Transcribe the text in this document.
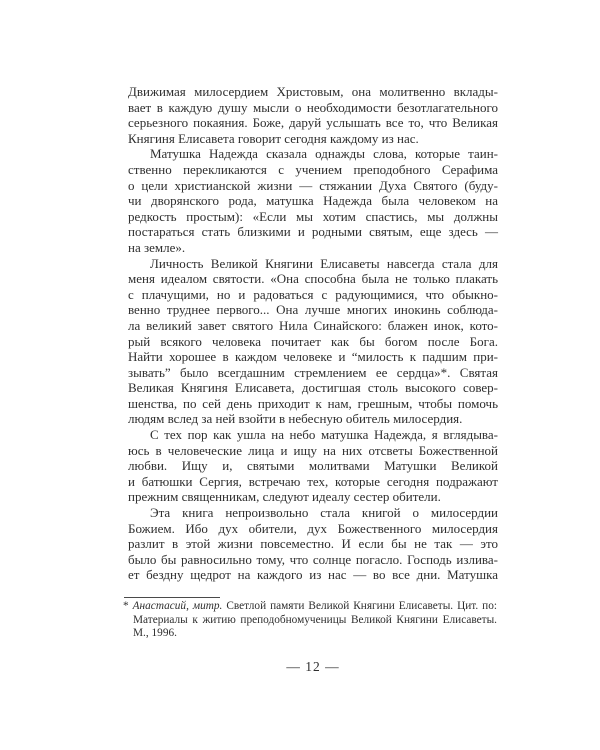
Движимая милосердием Христовым, она молитвенно вклады-
вает в каждую душу мысли о необходимости безотлагательного
серьезного покаяния. Боже, даруй услышать все то, что Великая
Княгиня Елисавета говорит сегодня каждому из нас.
Матушка Надежда сказала однажды слова, которые таин-
ственно перекликаются с учением преподобного Серафима
о цели христианской жизни — стяжании Духа Святого (буду-
чи дворянского рода, матушка Надежда была человеком на
редкость простым): «Если мы хотим спастись, мы должны
постараться стать близкими и родными святым, еще здесь —
на земле».
Личность Великой Княгини Елисаветы навсегда стала для
меня идеалом святости. «Она способна была не только плакать
с плачущими, но и радоваться с радующимися, что обыкно-
венно труднее первого... Она лучше многих инокинь соблюда-
ла великий завет святого Нила Синайского: блажен инок, кото-
рый всякого человека почитает как бы богом после Бога.
Найти хорошее в каждом человеке и “милость к падшим при-
зывать” было всегдашним стремлением ее сердца»*. Святая
Великая Княгиня Елисавета, достигшая столь высокого совер-
шенства, по сей день приходит к нам, грешным, чтобы помочь
людям вслед за ней взойти в небесную обитель милосердия.
С тех пор как ушла на небо матушка Надежда, я вглядыва-
юсь в человеческие лица и ищу на них отсветы Божественной
любви. Ищу и, святыми молитвами Матушки Великой
и батюшки Сергия, встречаю тех, которые сегодня подражают
прежним священникам, следуют идеалу сестер обители.
Эта книга непроизвольно стала книгой о милосердии
Божием. Ибо дух обители, дух Божественного милосердия
разлит в этой жизни повсеместно. И если бы не так — это
было бы равносильно тому, что солнце погасло. Господь излива-
ет бездну щедрот на каждого из нас — во все дни. Матушка
* Анастасий, митр. Светлой памяти Великой Княгини Елисаветы. Цит. по:
Материалы к житию преподобномученицы Великой Княгини Елисаветы.
М., 1996.
— 12 —
